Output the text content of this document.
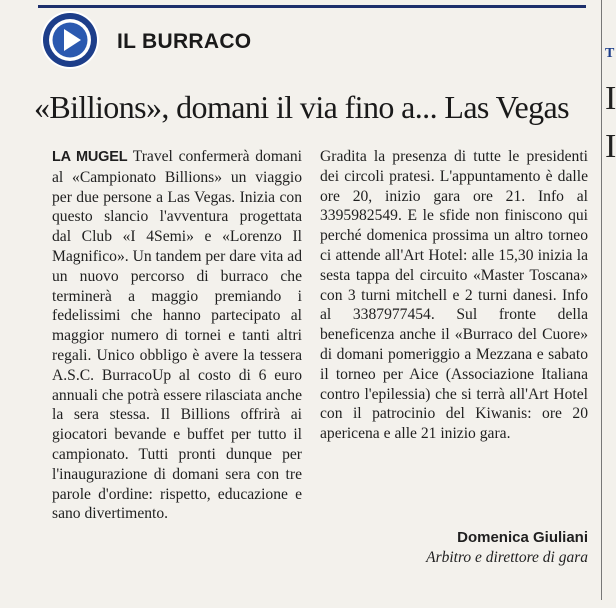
T
I
I
IL BURRACO
«Billions», domani il via fino a... Las Vegas
LA MUGEL Travel confermerà domani al «Campionato Billions» un viaggio per due persone a Las Vegas. Inizia con questo slancio l'avventura progettata dal Club «I 4Semi» e «Lorenzo Il Magnifico». Un tandem per dare vita ad un nuovo percorso di burraco che terminerà a maggio premiando i fedelissimi che hanno partecipato al maggior numero di tornei e tanti altri regali. Unico obbligo è avere la tessera A.S.C. BurracoUp al costo di 6 euro annuali che potrà essere rilasciata anche la sera stessa. Il Billions offrirà ai giocatori bevande e buffet per tutto il campionato. Tutti pronti dunque per l'inaugurazione di domani sera con tre parole d'ordine: rispetto, educazione e sano divertimento.
Gradita la presenza di tutte le presidenti dei circoli pratesi. L'appuntamento è dalle ore 20, inizio gara ore 21. Info al 3395982549. E le sfide non finiscono qui perché domenica prossima un altro torneo ci attende all'Art Hotel: alle 15,30 inizia la sesta tappa del circuito «Master Toscana» con 3 turni mitchell e 2 turni danesi. Info al 3387977454. Sul fronte della beneficenza anche il «Burraco del Cuore» di domani pomeriggio a Mezzana e sabato il torneo per Aice (Associazione Italiana contro l'epilessia) che si terrà all'Art Hotel con il patrocinio del Kiwanis: ore 20 apericena e alle 21 inizio gara.
Domenica Giuliani
Arbitro e direttore di gara
